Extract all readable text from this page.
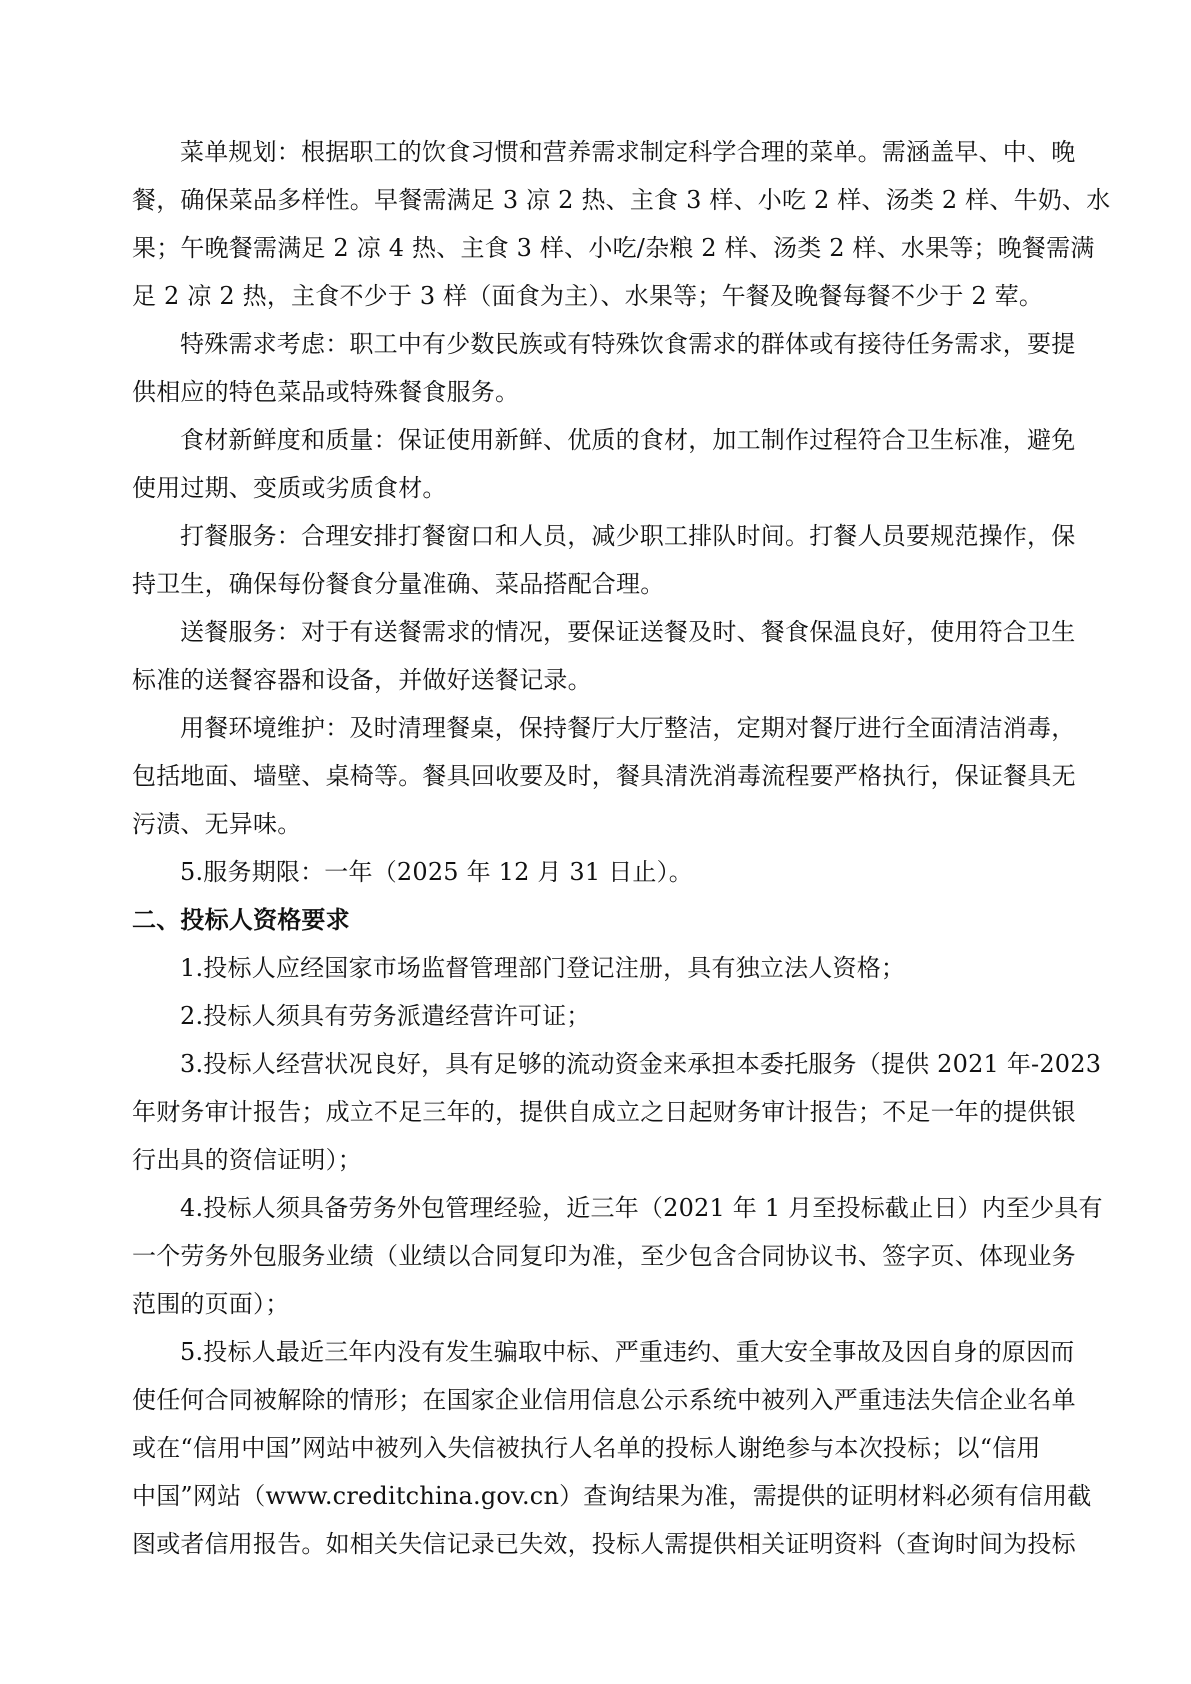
菜单规划：根据职工的饮食习惯和营养需求制定科学合理的菜单。需涵盖早、中、晚
餐，确保菜品多样性。早餐需满足 3 凉 2 热、主食 3 样、小吃 2 样、汤类 2 样、牛奶、水
果；午晚餐需满足 2 凉 4 热、主食 3 样、小吃/杂粮 2 样、汤类 2 样、水果等；晚餐需满
足 2 凉 2 热，主食不少于 3 样（面食为主）、水果等；午餐及晚餐每餐不少于 2 荤。
特殊需求考虑：职工中有少数民族或有特殊饮食需求的群体或有接待任务需求，要提
供相应的特色菜品或特殊餐食服务。
食材新鲜度和质量：保证使用新鲜、优质的食材，加工制作过程符合卫生标准，避免
使用过期、变质或劣质食材。
打餐服务：合理安排打餐窗口和人员，减少职工排队时间。打餐人员要规范操作，保
持卫生，确保每份餐食分量准确、菜品搭配合理。
送餐服务：对于有送餐需求的情况，要保证送餐及时、餐食保温良好，使用符合卫生
标准的送餐容器和设备，并做好送餐记录。
用餐环境维护：及时清理餐桌，保持餐厅大厅整洁，定期对餐厅进行全面清洁消毒，
包括地面、墙壁、桌椅等。餐具回收要及时，餐具清洗消毒流程要严格执行，保证餐具无
污渍、无异味。
5.服务期限：一年（2025 年 12 月 31 日止）。
二、投标人资格要求
1.投标人应经国家市场监督管理部门登记注册，具有独立法人资格；
2.投标人须具有劳务派遣经营许可证；
3.投标人经营状况良好，具有足够的流动资金来承担本委托服务（提供 2021 年-2023
年财务审计报告；成立不足三年的，提供自成立之日起财务审计报告；不足一年的提供银
行出具的资信证明）；
4.投标人须具备劳务外包管理经验，近三年（2021 年 1 月至投标截止日）内至少具有
一个劳务外包服务业绩（业绩以合同复印为准，至少包含合同协议书、签字页、体现业务
范围的页面）；
5.投标人最近三年内没有发生骗取中标、严重违约、重大安全事故及因自身的原因而
使任何合同被解除的情形；在国家企业信用信息公示系统中被列入严重违法失信企业名单
或在“信用中国”网站中被列入失信被执行人名单的投标人谢绝参与本次投标；以“信用
中国”网站（www.creditchina.gov.cn）查询结果为准，需提供的证明材料必须有信用截
图或者信用报告。如相关失信记录已失效，投标人需提供相关证明资料（查询时间为投标
